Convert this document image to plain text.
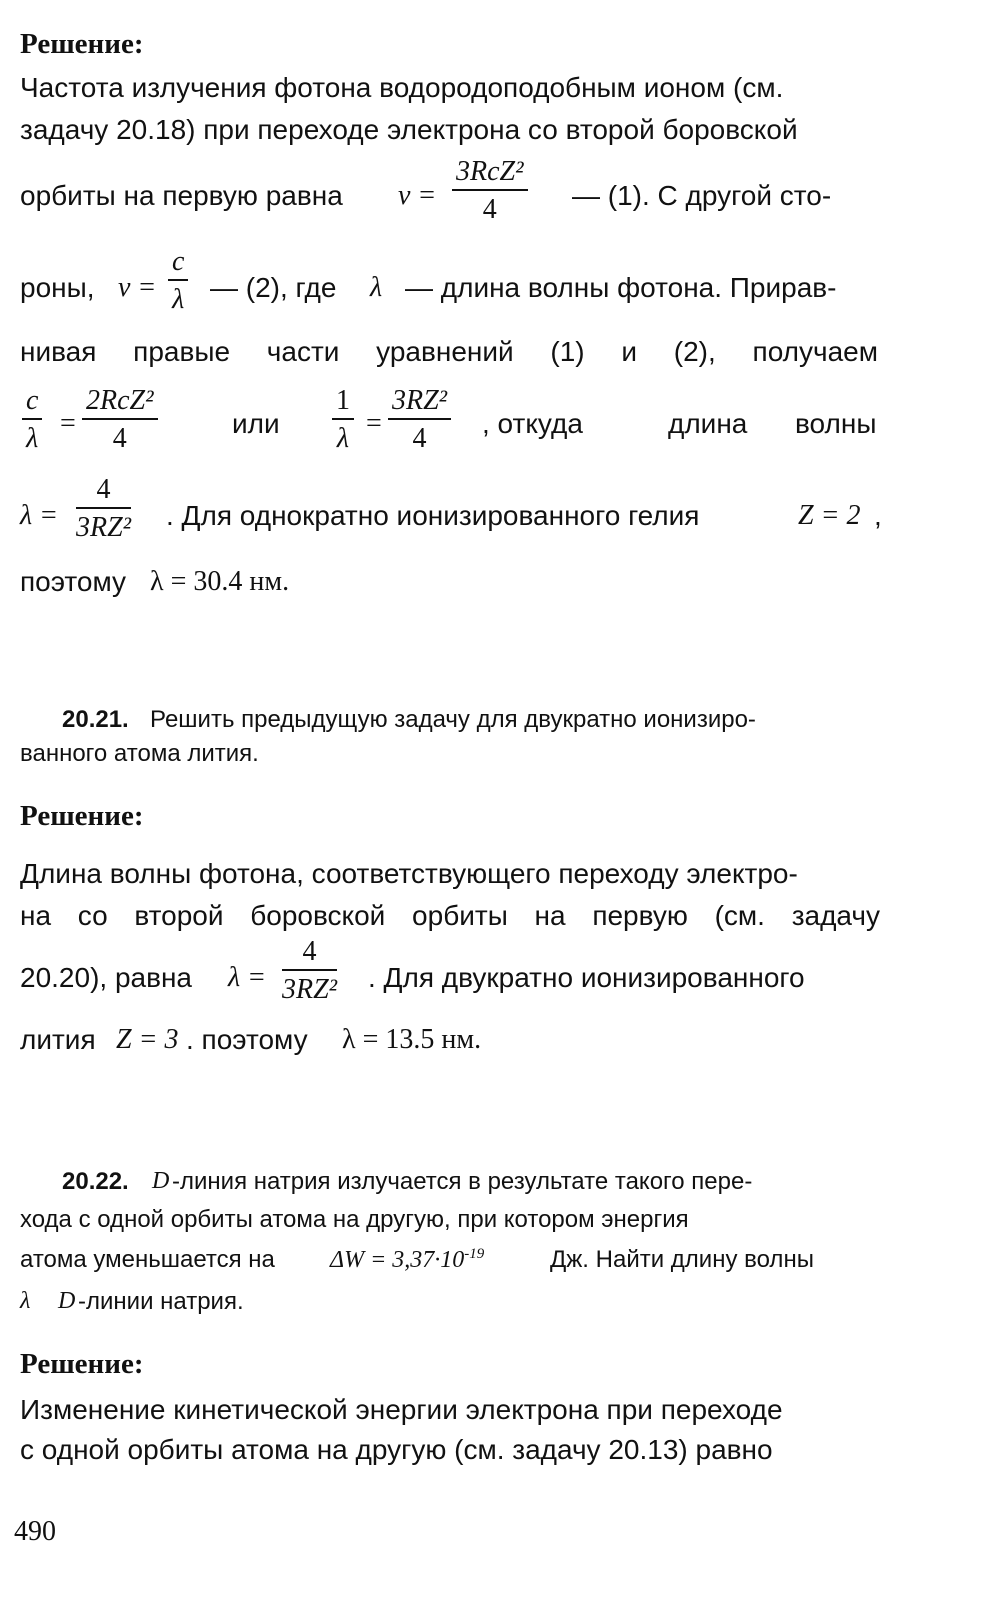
Решение:
Частота излучения фотона водородоподобным ионом (см.
задачу 20.18) при переходе электрона со второй боровской
орбиты на первую равна ν =
3RcZ²
4	— (1). С другой сто-
роны, ν =
c
λ — (2), где λ — длина волны фотона. Прирав-
нивая правые части уравнений (1) и (2), получаем
c
λ =
2RcZ²
4	или
1
λ =
3RZ²
4 , откуда	длина волны
λ =
4
3RZ² . Для однократно ионизированного гелия	Z = 2 ,
поэтому λ = 30.4 нм.
20.21. Решить предыдущую задачу для двукратно ионизиро-
ванного атома лития.
Решение:
Длина волны фотона, соответствующего переходу электро-
на со второй боровской орбиты на первую (см. задачу
20.20), равна λ =
4
3RZ² . Для двукратно ионизированного
лития Z = 3 . поэтому λ = 13.5 нм.
20.22. D -линия натрия излучается в результате такого пере-
хода с одной орбиты атома на другую, при котором энергия
атома уменьшается на $\Delta W = 3,37\cdot 10^{-19}$	Дж. Найти длину волны
λ D -линии натрия.
Решение:
Изменение кинетической энергии электрона при переходе
с одной орбиты атома на другую (см. задачу 20.13) равно
490
